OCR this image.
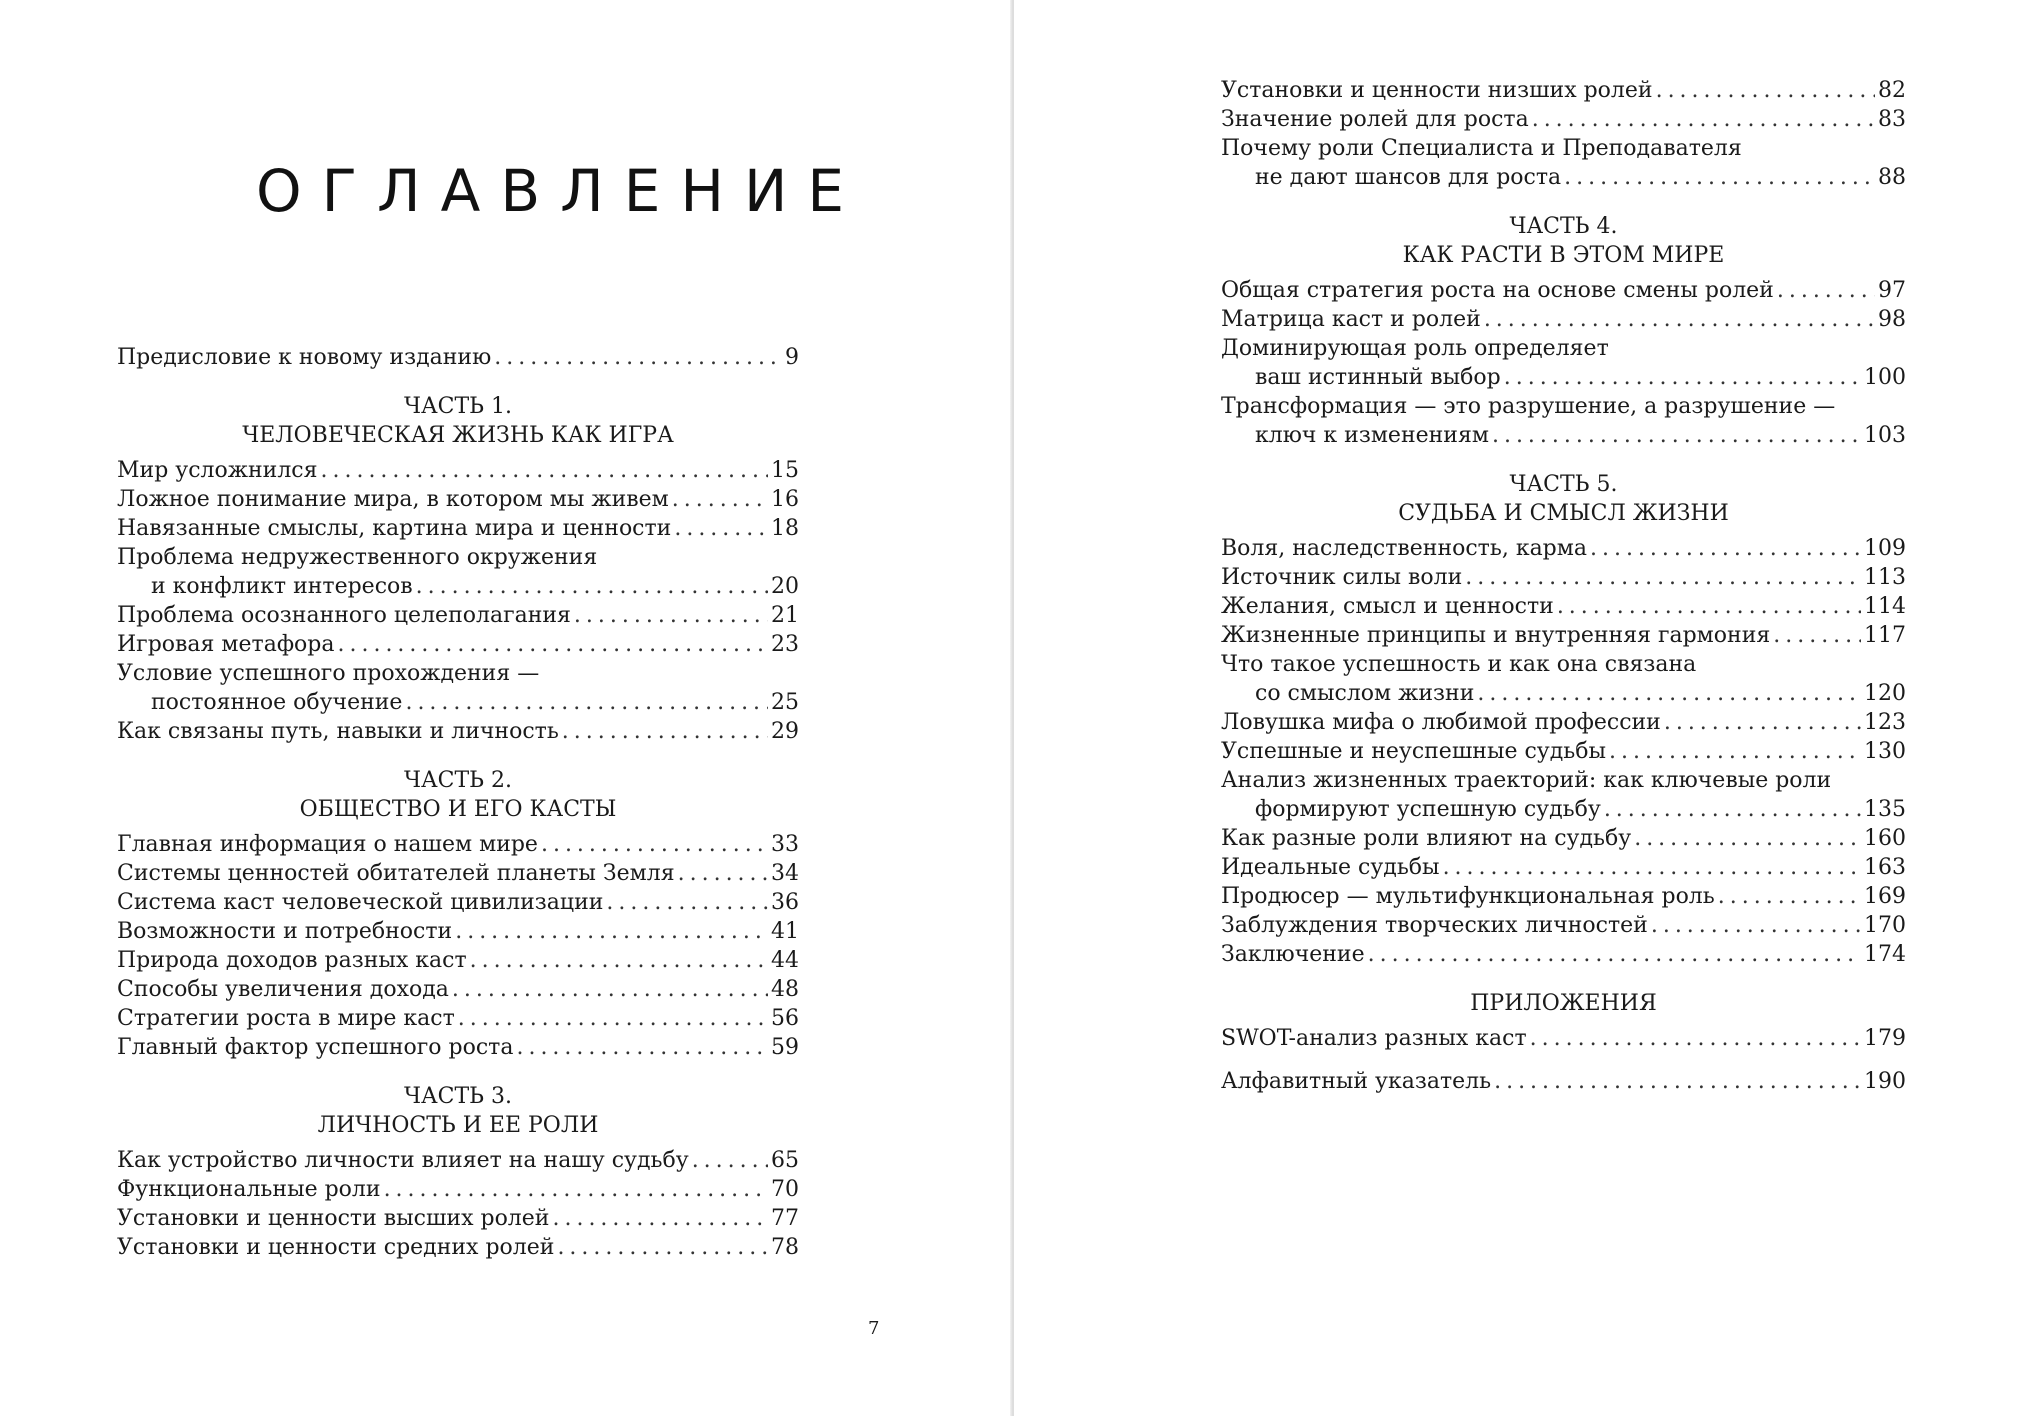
ОГЛАВЛЕНИЕ
Предисловие к новому изданию . . .	9
ЧАСТЬ 1.
ЧЕЛОВЕЧЕСКАЯ ЖИЗНЬ КАК ИГРА
Мир усложнился . . .	15
Ложное понимание мира, в котором мы живем . . .	16
Навязанные смыслы, картина мира и ценности . . .	18
Проблема недружественного окружения
и конфликт интересов . . .	20
Проблема осознанного целеполагания . . .	21
Игровая метафора . . .	23
Условие успешного прохождения —
постоянное обучение . . .	25
Как связаны путь, навыки и личность . . .	29
ЧАСТЬ 2.
ОБЩЕСТВО И ЕГО КАСТЫ
Главная информация о нашем мире . . .	33
Системы ценностей обитателей планеты Земля . . .	34
Система каст человеческой цивилизации . . .	36
Возможности и потребности . . .	41
Природа доходов разных каст . . .	44
Способы увеличения дохода . . .	48
Стратегии роста в мире каст . . .	56
Главный фактор успешного роста . . .	59
ЧАСТЬ 3.
ЛИЧНОСТЬ И ЕЕ РОЛИ
Как устройство личности влияет на нашу судьбу . . .	65
Функциональные роли . . .	70
Установки и ценности высших ролей . . .	77
Установки и ценности средних ролей . . .	78

7

Установки и ценности низших ролей . . .	82
Значение ролей для роста . . .	83
Почему роли Специалиста и Преподавателя
не дают шансов для роста . . .	88
ЧАСТЬ 4.
КАК РАСТИ В ЭТОМ МИРЕ
Общая стратегия роста на основе смены ролей . . .	97
Матрица каст и ролей . . .	98
Доминирующая роль определяет
ваш истинный выбор . . .	100
Трансформация — это разрушение, а разрушение —
ключ к изменениям . . .	103
ЧАСТЬ 5.
СУДЬБА И СМЫСЛ ЖИЗНИ
Воля, наследственность, карма . . .	109
Источник силы воли . . .	113
Желания, смысл и ценности . . .	114
Жизненные принципы и внутренняя гармония . . .	117
Что такое успешность и как она связана
со смыслом жизни . . .	120
Ловушка мифа о любимой профессии . . .	123
Успешные и неуспешные судьбы . . .	130
Анализ жизненных траекторий: как ключевые роли
формируют успешную судьбу . . .	135
Как разные роли влияют на судьбу . . .	160
Идеальные судьбы . . .	163
Продюсер — мультифункциональная роль . . .	169
Заблуждения творческих личностей . . .	170
Заключение . . .	174
ПРИЛОЖЕНИЯ
SWOT-анализ разных каст . . .	179
Алфавитный указатель . . .	190
